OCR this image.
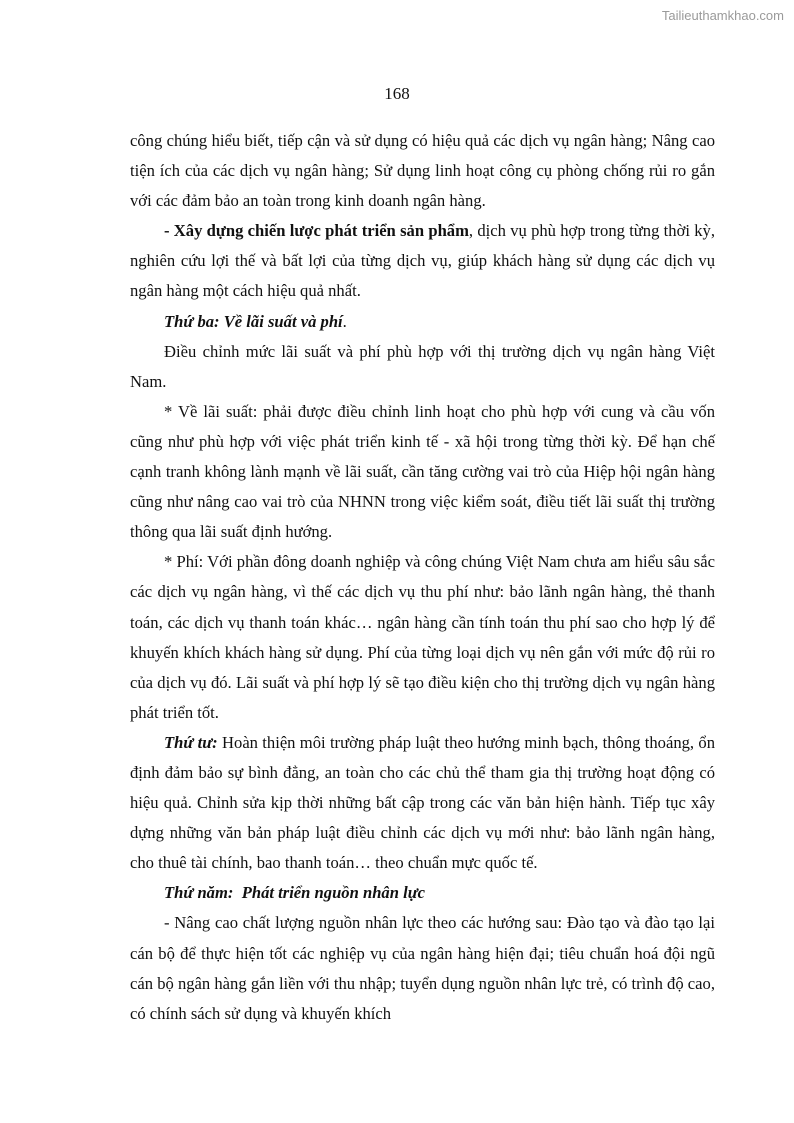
Tailieuthamkhao.com
168

công chúng hiểu biết, tiếp cận và sử dụng có hiệu quả các dịch vụ ngân hàng; Nâng cao tiện ích của các dịch vụ ngân hàng; Sử dụng linh hoạt công cụ phòng chống rủi ro gắn với các đảm bảo an toàn trong kinh doanh ngân hàng.

- Xây dựng chiến lược phát triển sản phẩm, dịch vụ phù hợp trong từng thời kỳ, nghiên cứu lợi thế và bất lợi của từng dịch vụ, giúp khách hàng sử dụng các dịch vụ ngân hàng một cách hiệu quả nhất.

Thứ ba: Về lãi suất và phí.

Điều chỉnh mức lãi suất và phí phù hợp với thị trường dịch vụ ngân hàng Việt Nam.

* Về lãi suất: phải được điều chỉnh linh hoạt cho phù hợp với cung và cầu vốn cũng như phù hợp với việc phát triển kinh tế - xã hội trong từng thời kỳ. Để hạn chế cạnh tranh không lành mạnh về lãi suất, cần tăng cường vai trò của Hiệp hội ngân hàng cũng như nâng cao vai trò của NHNN trong việc kiểm soát, điều tiết lãi suất thị trường thông qua lãi suất định hướng.

* Phí: Với phần đông doanh nghiệp và công chúng Việt Nam chưa am hiểu sâu sắc các dịch vụ ngân hàng, vì thế các dịch vụ thu phí như: bảo lãnh ngân hàng, thẻ thanh toán, các dịch vụ thanh toán khác… ngân hàng cần tính toán thu phí sao cho hợp lý để khuyến khích khách hàng sử dụng. Phí của từng loại dịch vụ nên gắn với mức độ rủi ro của dịch vụ đó. Lãi suất và phí hợp lý sẽ tạo điều kiện cho thị trường dịch vụ ngân hàng phát triển tốt.

Thứ tư: Hoàn thiện môi trường pháp luật theo hướng minh bạch, thông thoáng, ổn định đảm bảo sự bình đẳng, an toàn cho các chủ thể tham gia thị trường hoạt động có hiệu quả. Chỉnh sửa kịp thời những bất cập trong các văn bản hiện hành. Tiếp tục xây dựng những văn bản pháp luật điều chỉnh các dịch vụ mới như: bảo lãnh ngân hàng, cho thuê tài chính, bao thanh toán… theo chuẩn mực quốc tế.

Thứ năm:  Phát triển nguồn nhân lực

- Nâng cao chất lượng nguồn nhân lực theo các hướng sau: Đào tạo và đào tạo lại cán bộ để thực hiện tốt các nghiệp vụ của ngân hàng hiện đại; tiêu chuẩn hoá đội ngũ cán bộ ngân hàng gắn liền với thu nhập; tuyển dụng nguồn nhân lực trẻ, có trình độ cao, có chính sách sử dụng và khuyến khích
